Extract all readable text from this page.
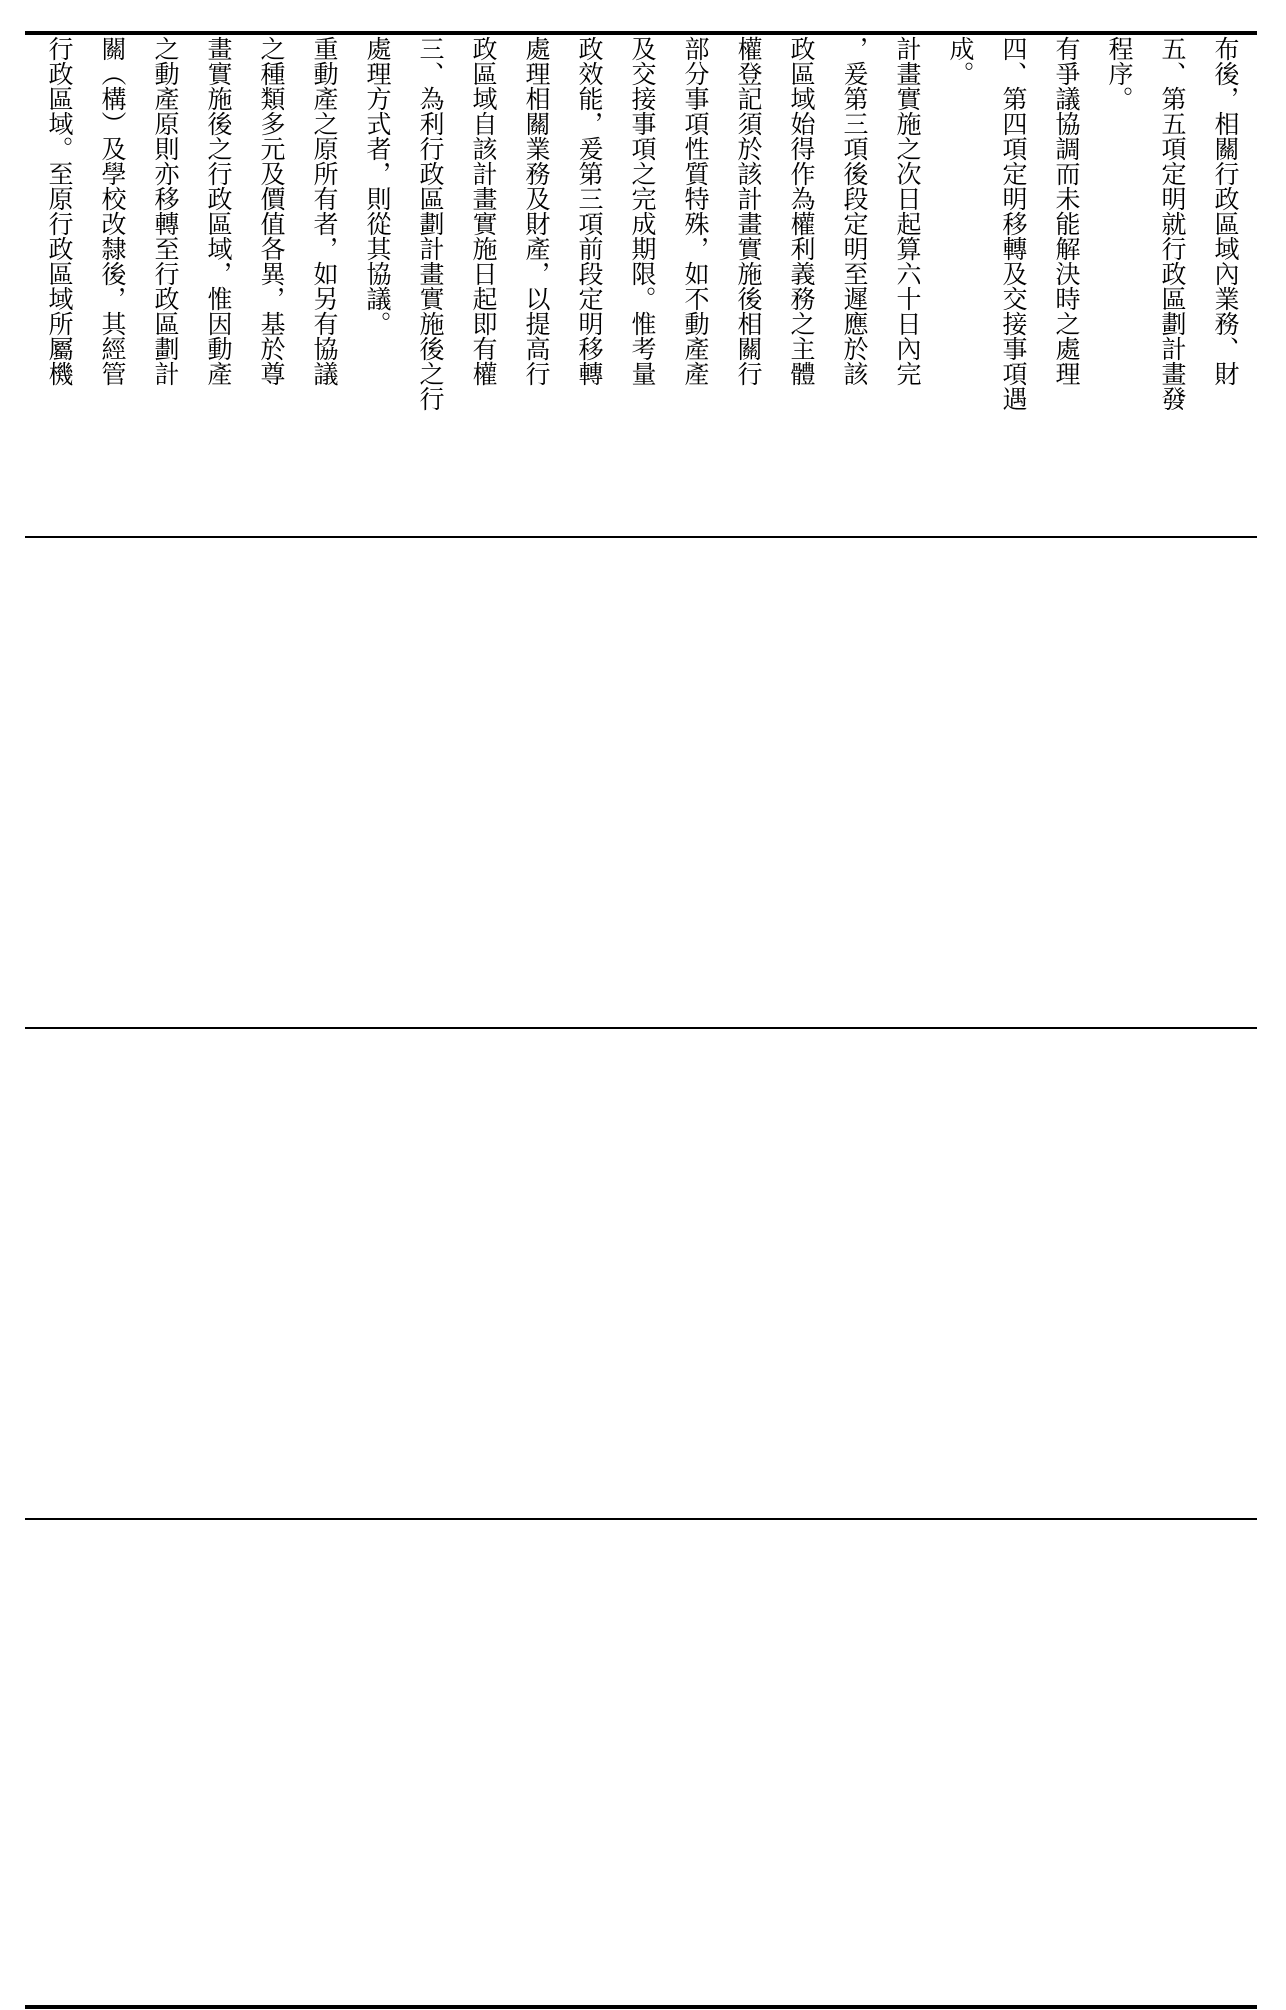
行政區域。至原行政區域所屬機 關（構）及學校改隸後，其經管 之動產原則亦移轉至行政區劃計 畫實施後之行政區域，惟因動產 之種類多元及價值各異，基於尊 重動產之原所有者，如另有協議 處理方式者，則從其協議。 三、為利行政區劃計畫實施後之行 政區域自該計畫實施日起即有權 處理相關業務及財產，以提高行 政效能，爰第三項前段定明移轉 及交接事項之完成期限。惟考量 部分事項性質特殊，如不動產產 權登記須於該計畫實施後相關行 政區域始得作為權利義務之主體 ，爰第三項後段定明至遲應於該 計畫實施之次日起算六十日內完 成。 四、第四項定明移轉及交接事項遇 有爭議協調而未能解決時之處理 程序。 五、第五項定明就行政區劃計畫發 布後，相關行政區域內業務、財
